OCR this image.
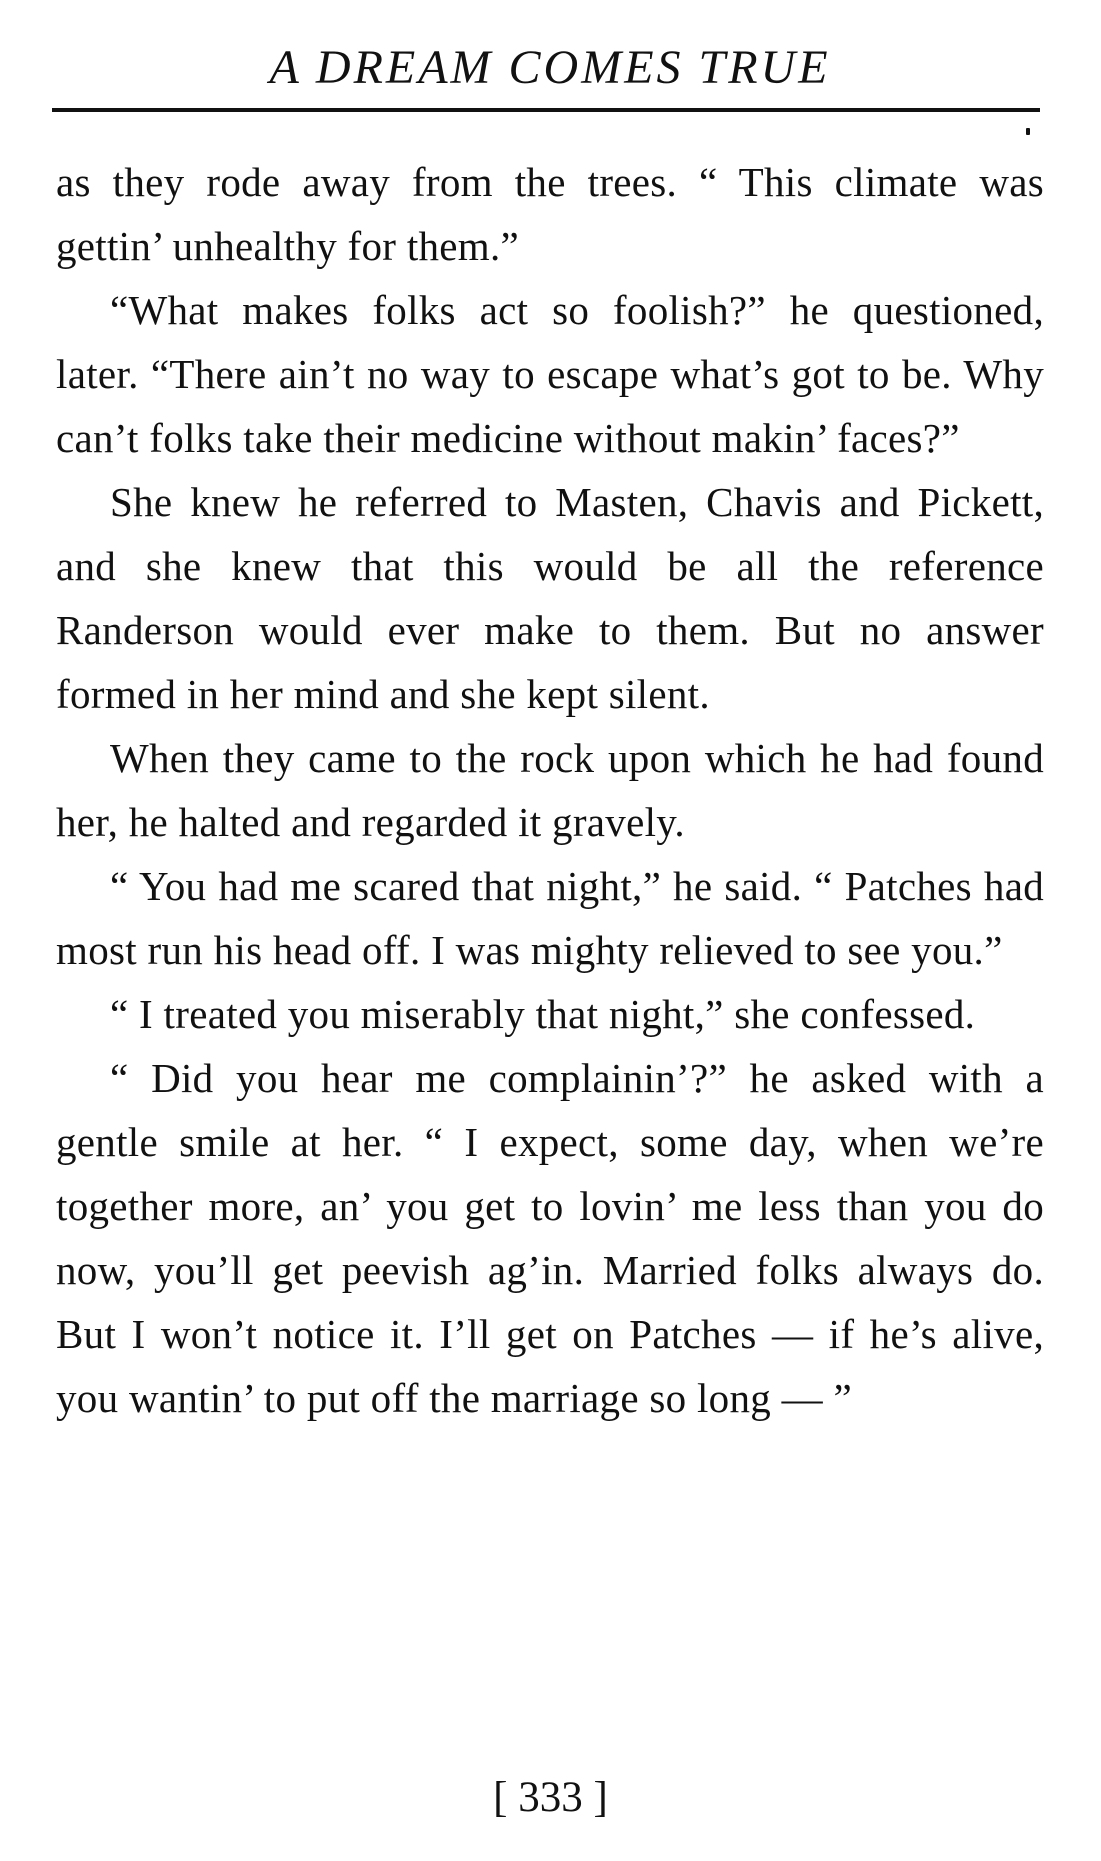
A DREAM COMES TRUE

as they rode away from the trees. “ This climate was gettin’ unhealthy for them.”

“What makes folks act so foolish?” he questioned, later. “There ain’t no way to escape what’s got to be. Why can’t folks take their medicine without makin’ faces?”

She knew he referred to Masten, Chavis and Pickett, and she knew that this would be all the reference Randerson would ever make to them. But no answer formed in her mind and she kept silent.

When they came to the rock upon which he had found her, he halted and regarded it gravely.

“ You had me scared that night,” he said. “ Patches had most run his head off. I was mighty relieved to see you.”

“ I treated you miserably that night,” she confessed.

“ Did you hear me complainin’?” he asked with a gentle smile at her. “ I expect, some day, when we’re together more, an’ you get to lovin’ me less than you do now, you’ll get peevish ag’in. Married folks always do. But I won’t notice it. I’ll get on Patches — if he’s alive, you wantin’ to put off the marriage so long — ”

[ 333 ]
